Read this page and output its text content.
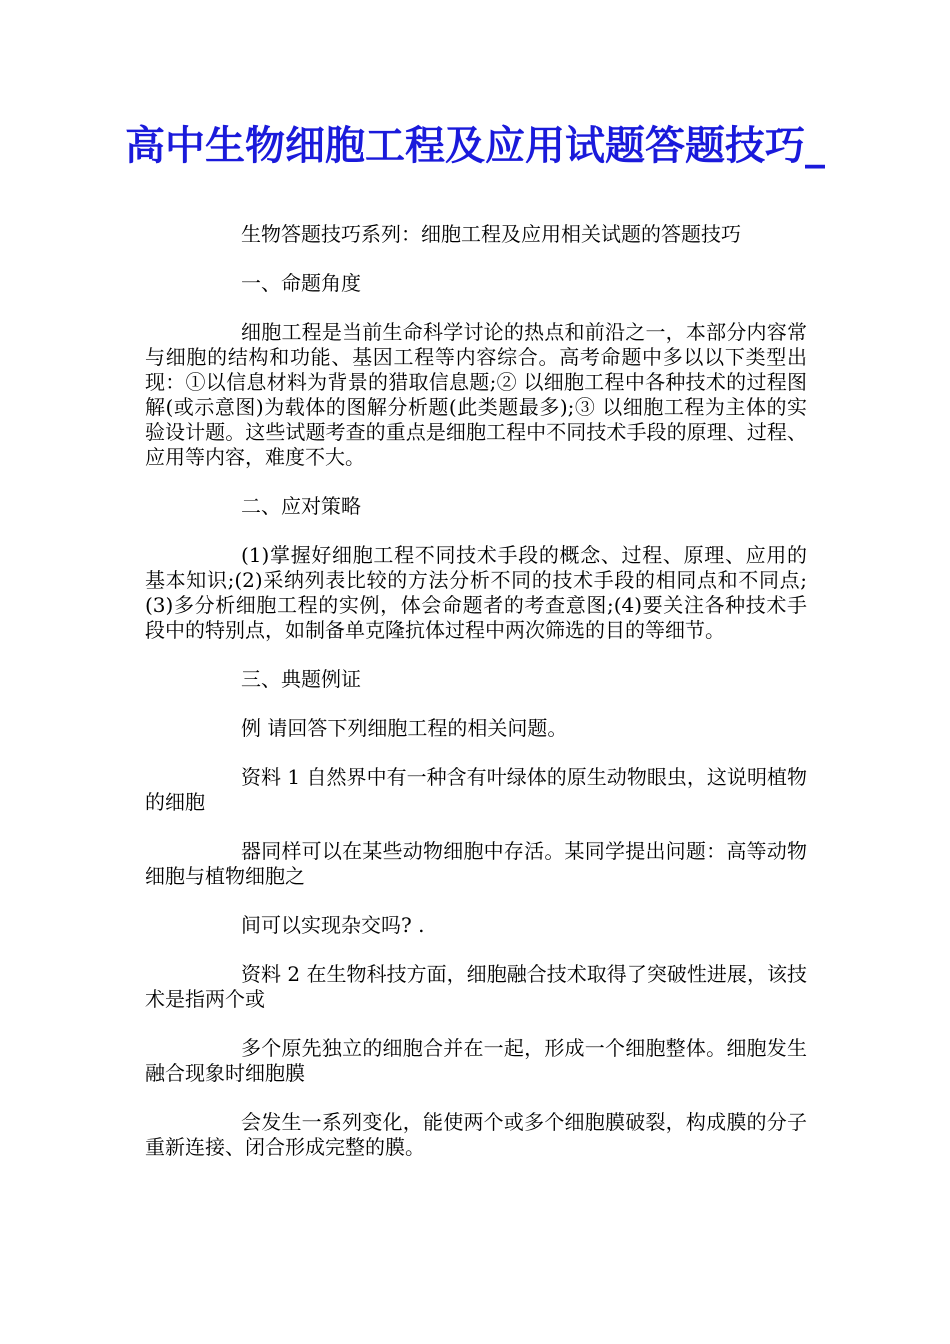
高中生物细胞工程及应用试题答题技巧_

生物答题技巧系列：细胞工程及应用相关试题的答题技巧

一、命题角度

细胞工程是当前生命科学讨论的热点和前沿之一，本部分内容常与细胞的结构和功能、基因工程等内容综合。高考命题中多以以下类型出现：①以信息材料为背景的猎取信息题;② 以细胞工程中各种技术的过程图解(或示意图)为载体的图解分析题(此类题最多);③ 以细胞工程为主体的实验设计题。这些试题考查的重点是细胞工程中不同技术手段的原理、过程、应用等内容，难度不大。

二、应对策略

(1)掌握好细胞工程不同技术手段的概念、过程、原理、应用的基本知识;(2)采纳列表比较的方法分析不同的技术手段的相同点和不同点;(3)多分析细胞工程的实例，体会命题者的考查意图;(4)要关注各种技术手段中的特别点，如制备单克隆抗体过程中两次筛选的目的等细节。

三、典题例证

例 请回答下列细胞工程的相关问题。

资料 1 自然界中有一种含有叶绿体的原生动物眼虫，这说明植物的细胞

器同样可以在某些动物细胞中存活。某同学提出问题：高等动物细胞与植物细胞之

间可以实现杂交吗? .

资料 2 在生物科技方面，细胞融合技术取得了突破性进展，该技术是指两个或

多个原先独立的细胞合并在一起，形成一个细胞整体。细胞发生融合现象时细胞膜

会发生一系列变化，能使两个或多个细胞膜破裂，构成膜的分子重新连接、闭合形成完整的膜。
